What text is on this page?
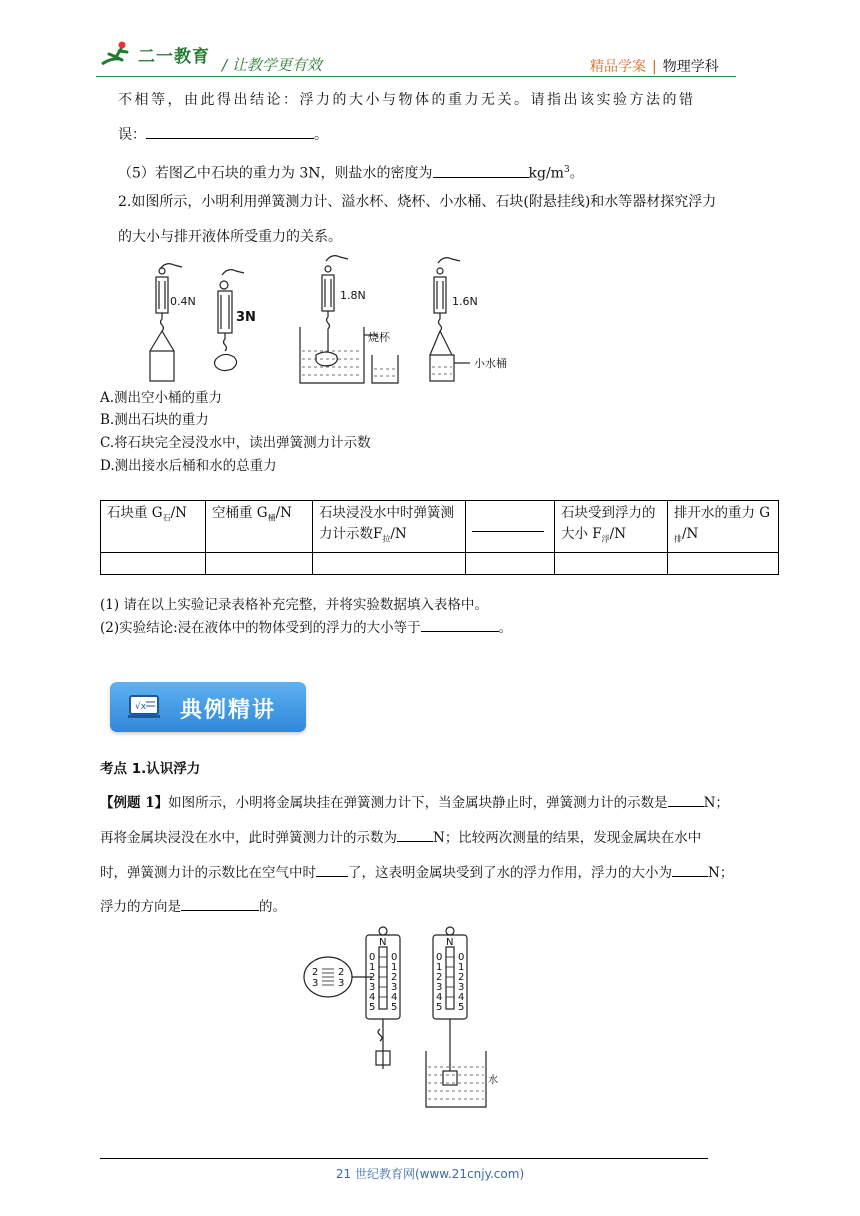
二一教育 / 让教学更有效	精品学案 | 物理学科
不相等，由此得出结论：浮力的大小与物体的重力无关。请指出该实验方法的错
误：	。
（5）若图乙中石块的重力为 3N，则盐水的密度为	$kg/m^3$。
2.如图所示，小明利用弹簧测力计、溢水杯、烧杯、小水桶、石块(附悬挂线)和水等器材探究浮力
的大小与排开液体所受重力的关系。
0.4N
3N
1.8N
烧杯
1.6N
小水桶
A.测出空小桶的重力
B.测出石块的重力
C.将石块完全浸没水中，读出弹簧测力计示数
D.测出接水后桶和水的总重力
石块重 $G_石/N$	空桶重 $G_桶/N$	石块浸没水中时弹簧测力计示数$F_拉/N$		石块受到浮力的大小 $F_浮/N$	排开水的重力 $G_排/N$

(1) 请在以上实验记录表格补充完整，并将实验数据填入表格中。
(2)实验结论:浸在液体中的物体受到的浮力的大小等于	。
√x 典例精讲
考点 1.认识浮力
【例题 1】如图所示，小明将金属块挂在弹簧测力计下，当金属块静止时，弹簧测力计的示数是	N；
再将金属块浸没在水中，此时弹簧测力计的示数为	N；比较两次测量的结果，发现金属块在水中
时，弹簧测力计的示数比在空气中时 了，这表明金属块受到了水的浮力作用，浮力的大小为	N；
浮力的方向是	的。
N	N
水
0
1
2
3
4
5
0
1
2
3
4
5
0
1
2
3
4
5
0
1
2
3
4
5
2
3
2
3
21 世纪教育网(www.21cnjy.com)
